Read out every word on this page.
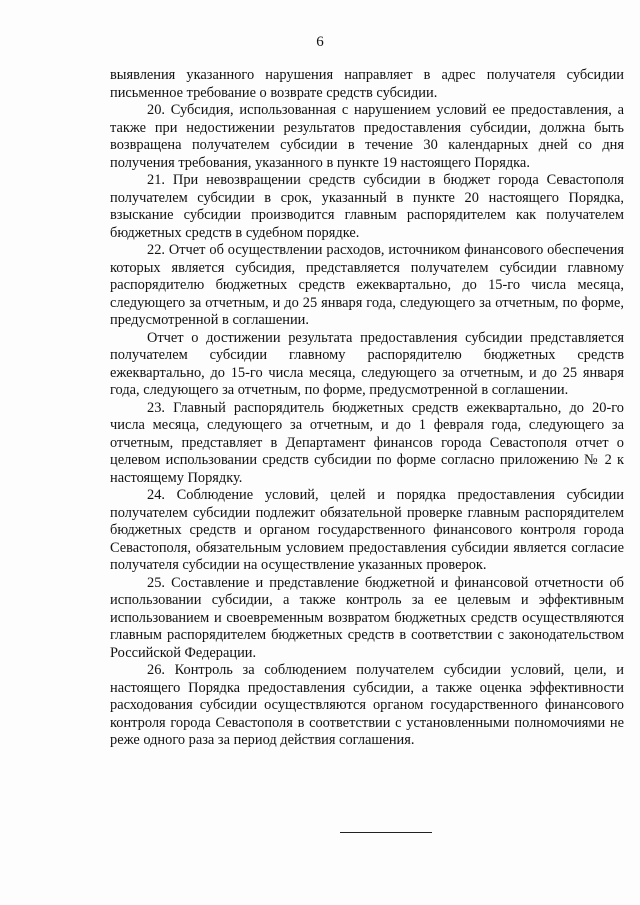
6

выявления указанного нарушения направляет в адрес получателя субсидии письменное требование о возврате средств субсидии.

20. Субсидия, использованная с нарушением условий ее предоставления, а также при недостижении результатов предоставления субсидии, должна быть возвращена получателем субсидии в течение 30 календарных дней со дня получения требования, указанного в пункте 19 настоящего Порядка.

21. При невозвращении средств субсидии в бюджет города Севастополя получателем субсидии в срок, указанный в пункте 20 настоящего Порядка, взыскание субсидии производится главным распорядителем как получателем бюджетных средств в судебном порядке.

22. Отчет об осуществлении расходов, источником финансового обеспечения которых является субсидия, представляется получателем субсидии главному распорядителю бюджетных средств ежеквартально, до 15-го числа месяца, следующего за отчетным, и до 25 января года, следующего за отчетным, по форме, предусмотренной в соглашении.

Отчет о достижении результата предоставления субсидии представляется получателем субсидии главному распорядителю бюджетных средств ежеквартально, до 15-го числа месяца, следующего за отчетным, и до 25 января года, следующего за отчетным, по форме, предусмотренной в соглашении.

23. Главный распорядитель бюджетных средств ежеквартально, до 20-го числа месяца, следующего за отчетным, и до 1 февраля года, следующего за отчетным, представляет в Департамент финансов города Севастополя отчет о целевом использовании средств субсидии по форме согласно приложению № 2 к настоящему Порядку.

24. Соблюдение условий, целей и порядка предоставления субсидии получателем субсидии подлежит обязательной проверке главным распорядителем бюджетных средств и органом государственного финансового контроля города Севастополя, обязательным условием предоставления субсидии является согласие получателя субсидии на осуществление указанных проверок.

25. Составление и представление бюджетной и финансовой отчетности об использовании субсидии, а также контроль за ее целевым и эффективным использованием и своевременным возвратом бюджетных средств осуществляются главным распорядителем бюджетных средств в соответствии с законодательством Российской Федерации.

26. Контроль за соблюдением получателем субсидии условий, цели, и настоящего Порядка предоставления субсидии, а также оценка эффективности расходования субсидии осуществляются органом государственного финансового контроля города Севастополя в соответствии с установленными полномочиями не реже одного раза за период действия соглашения.
